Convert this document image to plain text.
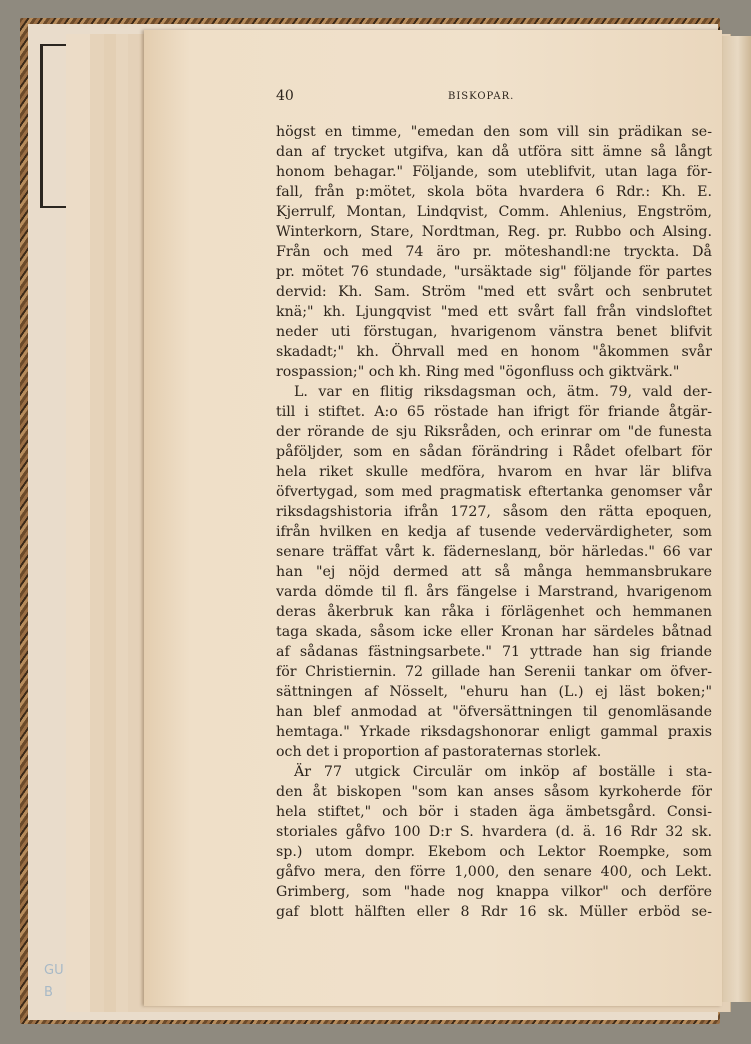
GU
B
40	BISKOPAR.
högst en timme, "emedan den som vill sin prädikan se-
dan af trycket utgifva, kan då utföra sitt ämne så långt
honom behagar." Följande, som uteblifvit, utan laga för-
fall, från p:mötet, skola böta hvardera 6 Rdr.: Kh. E.
Kjerrulf, Montan, Lindqvist, Comm. Ahlenius, Engström,
Winterkorn, Stare, Nordtman, Reg. pr. Rubbo och Alsing.
Från och med 74 äro pr. möteshandl:ne tryckta. Då
pr. mötet 76 stundade, "ursäktade sig" följande för partes
dervid: Kh. Sam. Ström "med ett svårt och senbrutet
knä;" kh. Ljungqvist "med ett svårt fall från vindsloftet
neder uti förstugan, hvarigenom vänstra benet blifvit
skadadt;" kh. Öhrvall med en honom "åkommen svår
rospassion;" och kh. Ring med "ögonfluss och giktvärk."
L. var en flitig riksdagsman och, ätm. 79, vald der-
till i stiftet. A:o 65 röstade han ifrigt för friande åtgär-
der rörande de sju Riksråden, och erinrar om "de funesta
påföljder, som en sådan förändring i Rådet ofelbart för
hela riket skulle medföra, hvarom en hvar lär blifva
öfvertygad, som med pragmatisk eftertanka genomser vår
riksdagshistoria ifrån 1727, såsom den rätta epoquen,
ifrån hvilken en kedja af tusende vedervärdigheter, som
senare träffat vårt k. fäderneslanд, bör härledas." 66 var
han "ej nöjd dermed att så många hemmansbrukare
varda dömde til fl. års fängelse i Marstrand, hvarigenom
deras åkerbruk kan råka i förlägenhet och hemmanen
taga skada, såsom icke eller Kronan har särdeles båtnad
af sådanas fästningsarbete." 71 yttrade han sig friande
för Christiernin. 72 gillade han Serenii tankar om öfver-
sättningen af Nösselt, "ehuru han (L.) ej läst boken;"
han blef anmodad at "öfversättningen til genomläsande
hemtaga." Yrkade riksdagshonorar enligt gammal praxis
och det i proportion af pastoraternas storlek.
Är 77 utgick Circulär om inköp af boställe i sta-
den åt biskopen "som kan anses såsom kyrkoherde för
hela stiftet," och bör i staden äga ämbetsgård. Consi-
storiales gåfvo 100 D:r S. hvardera (d. ä. 16 Rdr 32 sk.
sp.) utom dompr. Ekebom och Lektor Roempke, som
gåfvo mera, den förre 1,000, den senare 400, och Lekt.
Grimberg, som "hade nog knappa vilkor" och derföre
gaf blott hälften eller 8 Rdr 16 sk. Müller erböd se-
